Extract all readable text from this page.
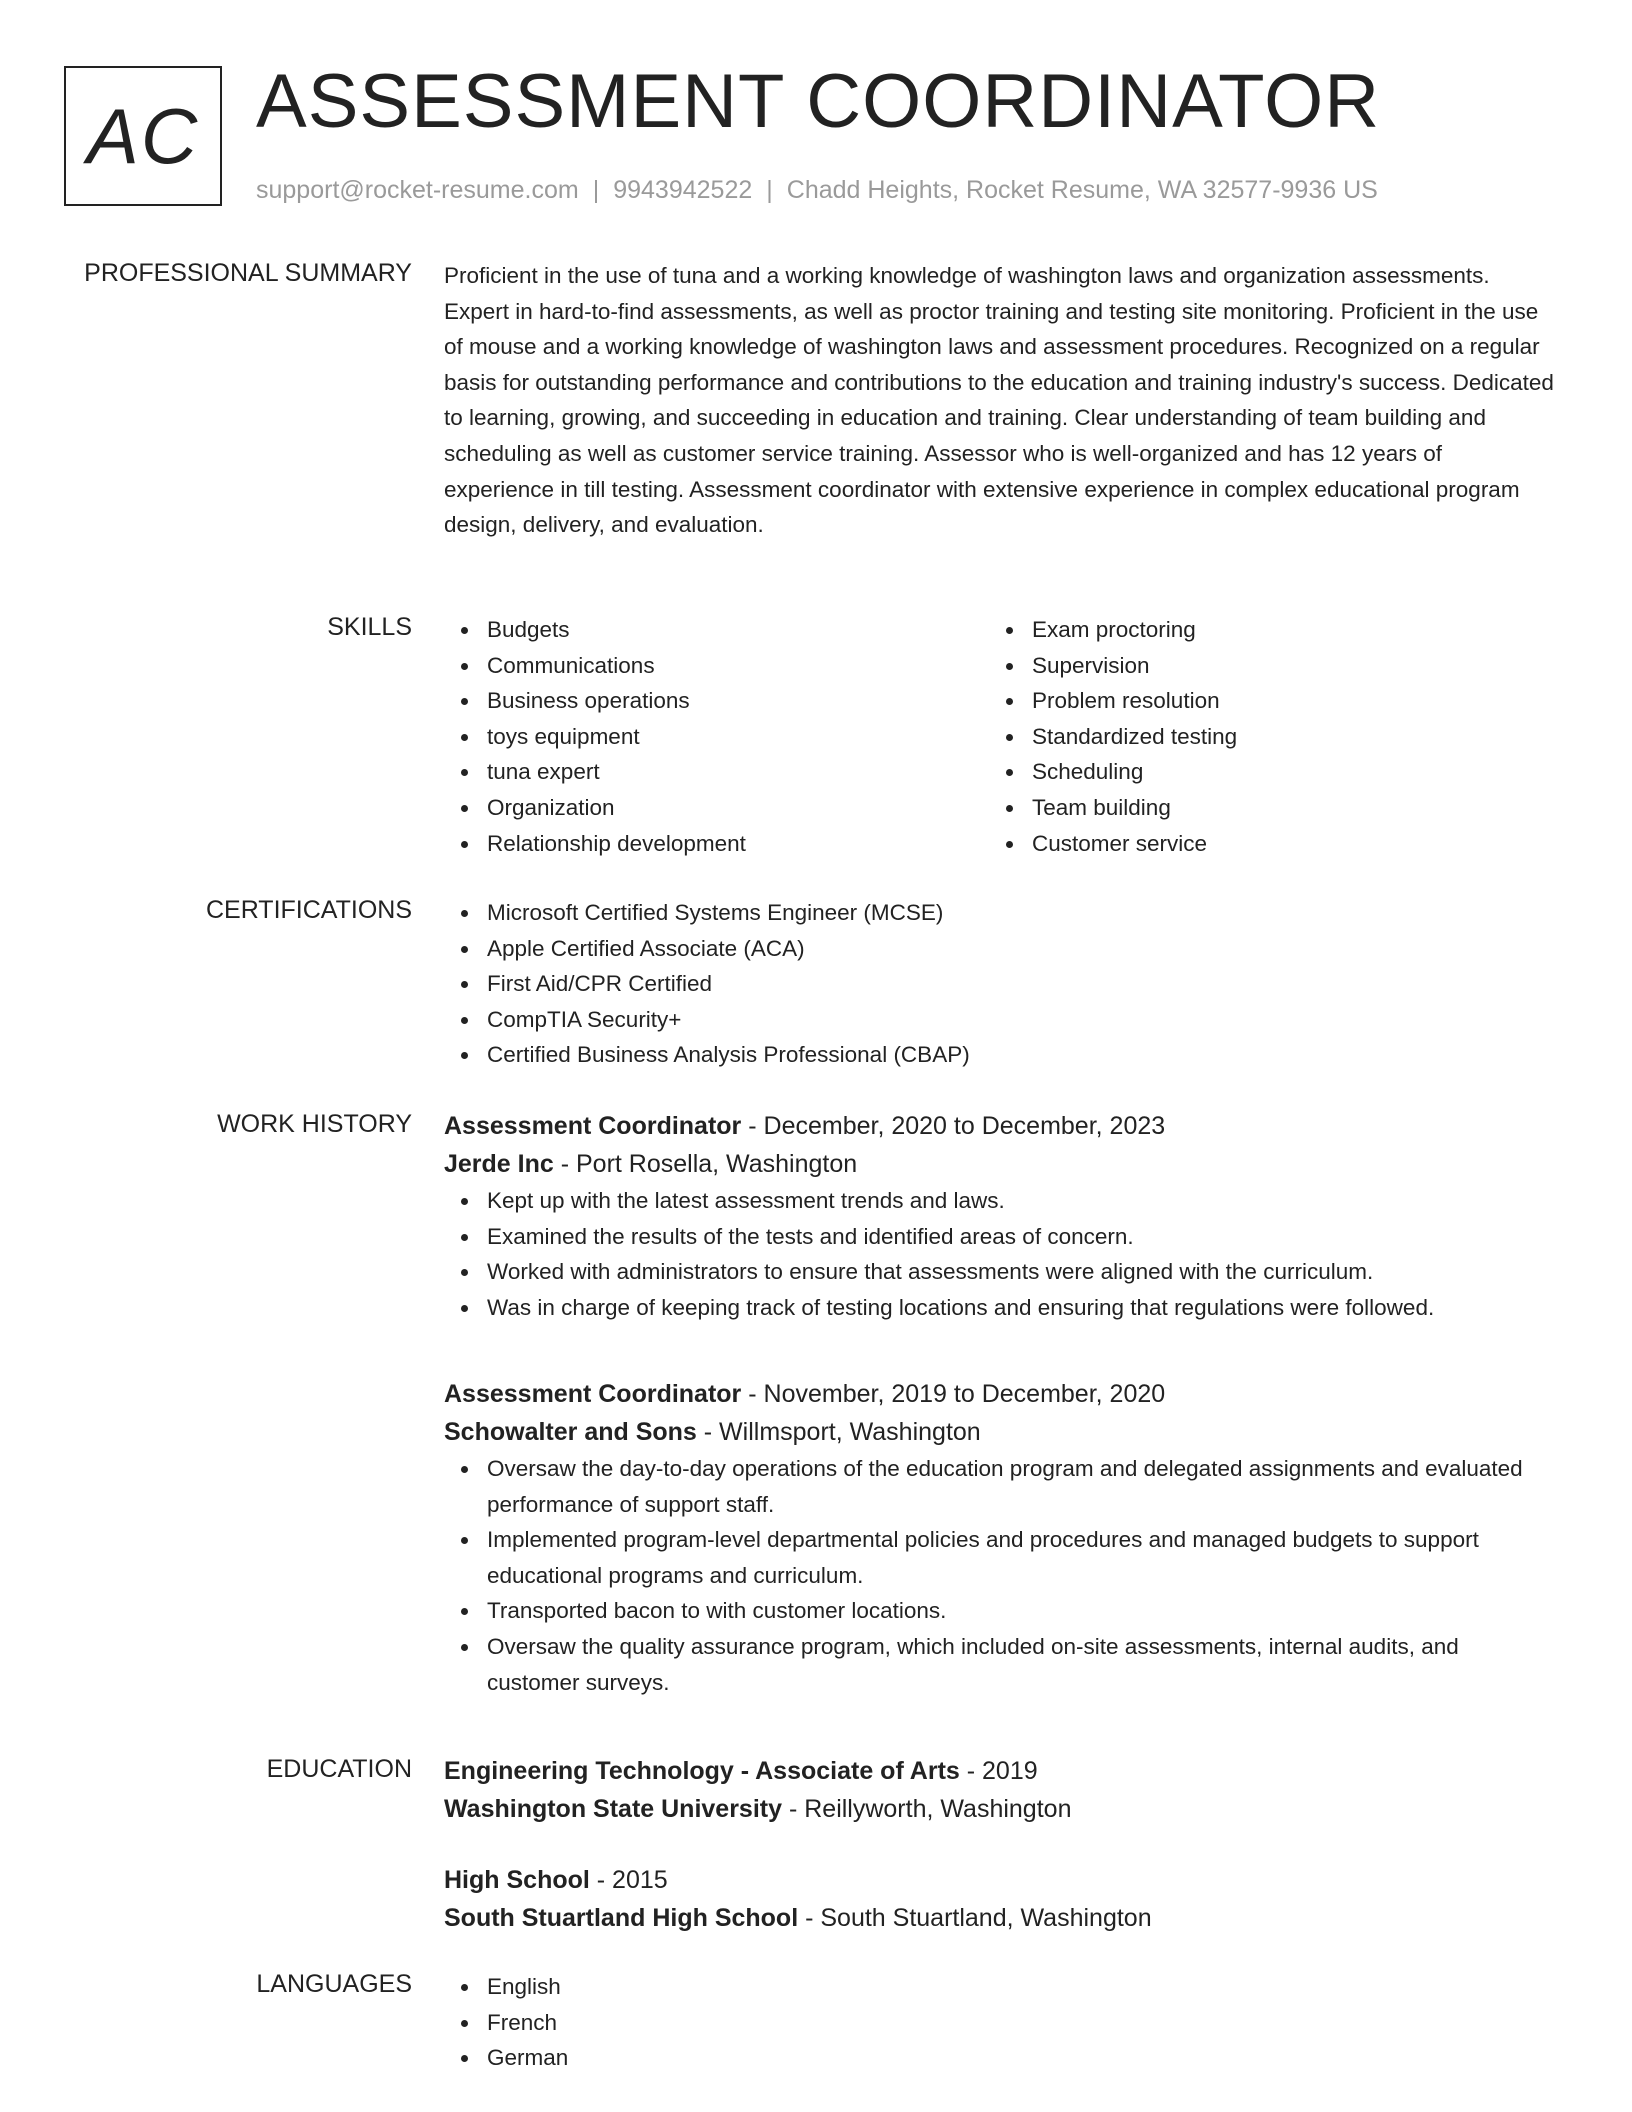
AC ASSESSMENT COORDINATOR
support@rocket-resume.com | 9943942522 | Chadd Heights, Rocket Resume, WA 32577-9936 US
PROFESSIONAL SUMMARY Proficient in the use of tuna and a working knowledge of washington laws and organization assessments. Expert in hard-to-find assessments, as well as proctor training and testing site monitoring. Proficient in the use of mouse and a working knowledge of washington laws and assessment procedures. Recognized on a regular basis for outstanding performance and contributions to the education and training industry's success. Dedicated to learning, growing, and succeeding in education and training. Clear understanding of team building and scheduling as well as customer service training. Assessor who is well-organized and has 12 years of experience in till testing. Assessment coordinator with extensive experience in complex educational program design, delivery, and evaluation.
SKILLS	Budgets
Communications
Business operations
toys equipment
tuna expert
Organization
Relationship development
Exam proctoring
Supervision
Problem resolution
Standardized testing
Scheduling
Team building
Customer service
CERTIFICATIONS	Microsoft Certified Systems Engineer (MCSE)
Apple Certified Associate (ACA)
First Aid/CPR Certified
CompTIA Security+
Certified Business Analysis Professional (CBAP)
WORK HISTORY Assessment Coordinator - December, 2020 to December, 2023
Jerde Inc - Port Rosella, Washington
Kept up with the latest assessment trends and laws.
Examined the results of the tests and identified areas of concern.
Worked with administrators to ensure that assessments were aligned with the curriculum.
Was in charge of keeping track of testing locations and ensuring that regulations were followed.
Assessment Coordinator - November, 2019 to December, 2020
Schowalter and Sons - Willmsport, Washington
Oversaw the day-to-day operations of the education program and delegated assignments and evaluated performance of support staff.
Implemented program-level departmental policies and procedures and managed budgets to support educational programs and curriculum.
Transported bacon to with customer locations.
Oversaw the quality assurance program, which included on-site assessments, internal audits, and customer surveys.
EDUCATION Engineering Technology - Associate of Arts - 2019
Washington State University - Reillyworth, Washington
High School - 2015
South Stuartland High School - South Stuartland, Washington
LANGUAGES	English
French
German
